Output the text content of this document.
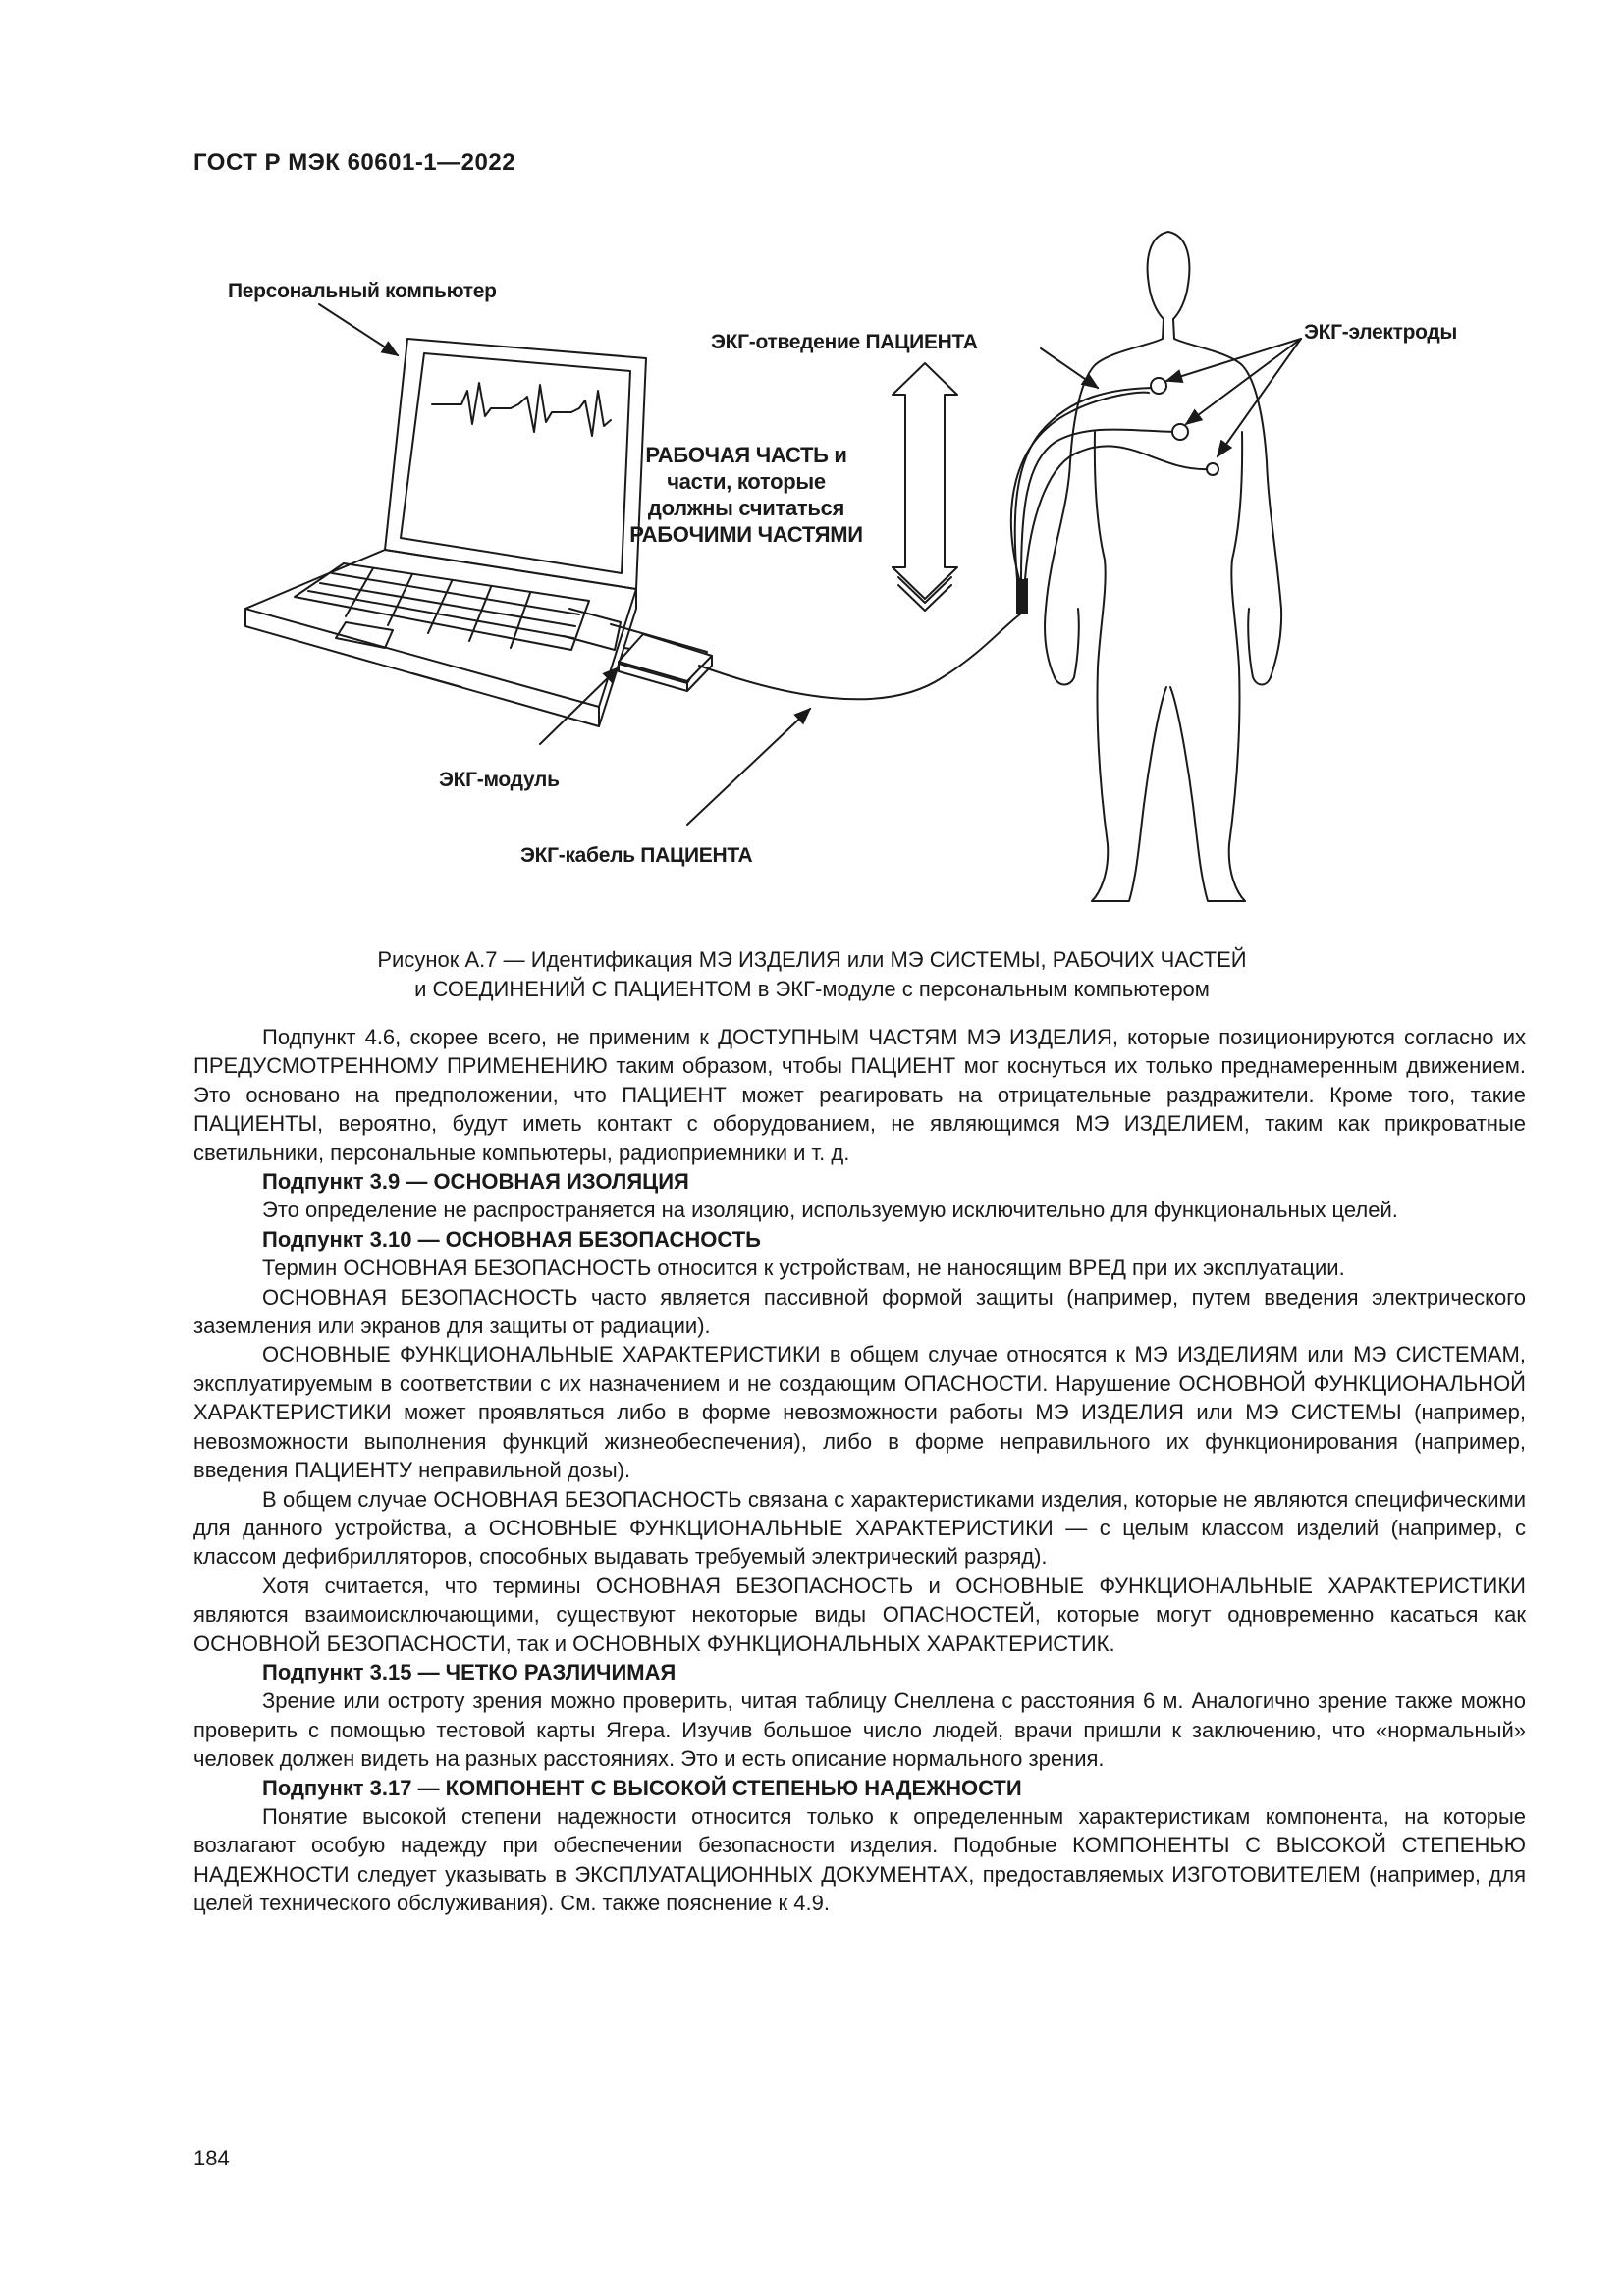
ГОСТ Р МЭК 60601-1—2022
Персональный компьютер
ЭКГ-отведение ПАЦИЕНТА	ЭКГ-электроды
РАБОЧАЯ ЧАСТЬ и
части, которые
должны считаться
РАБОЧИМИ ЧАСТЯМИ
ЭКГ-модуль
ЭКГ-кабель ПАЦИЕНТА
Рисунок А.7 — Идентификация МЭ ИЗДЕЛИЯ или МЭ СИСТЕМЫ, РАБОЧИХ ЧАСТЕЙ
и СОЕДИНЕНИЙ С ПАЦИЕНТОМ в ЭКГ-модуле с персональным компьютером

Подпункт 4.6, скорее всего, не применим к ДОСТУПНЫМ ЧАСТЯМ МЭ ИЗДЕЛИЯ, которые позиционируются согласно их ПРЕДУСМОТРЕННОМУ ПРИМЕНЕНИЮ таким образом, чтобы ПАЦИЕНТ мог коснуться их только преднамеренным движением. Это основано на предположении, что ПАЦИЕНТ может реагировать на отрицательные раздражители. Кроме того, такие ПАЦИЕНТЫ, вероятно, будут иметь контакт с оборудованием, не являющимся МЭ ИЗДЕЛИЕМ, таким как прикроватные светильники, персональные компьютеры, радиоприемники и т. д.

Подпункт 3.9 — ОСНОВНАЯ ИЗОЛЯЦИЯ

Это определение не распространяется на изоляцию, используемую исключительно для функциональных целей.

Подпункт 3.10 — ОСНОВНАЯ БЕЗОПАСНОСТЬ

Термин ОСНОВНАЯ БЕЗОПАСНОСТЬ относится к устройствам, не наносящим ВРЕД при их эксплуатации.

ОСНОВНАЯ БЕЗОПАСНОСТЬ часто является пассивной формой защиты (например, путем введения электрического заземления или экранов для защиты от радиации).

ОСНОВНЫЕ ФУНКЦИОНАЛЬНЫЕ ХАРАКТЕРИСТИКИ в общем случае относятся к МЭ ИЗДЕЛИЯМ или МЭ СИСТЕМАМ, эксплуатируемым в соответствии с их назначением и не создающим ОПАСНОСТИ. Нарушение ОСНОВНОЙ ФУНКЦИОНАЛЬНОЙ ХАРАКТЕРИСТИКИ может проявляться либо в форме невозможности работы МЭ ИЗДЕЛИЯ или МЭ СИСТЕМЫ (например, невозможности выполнения функций жизнеобеспечения), либо в форме неправильного их функционирования (например, введения ПАЦИЕНТУ неправильной дозы).

В общем случае ОСНОВНАЯ БЕЗОПАСНОСТЬ связана с характеристиками изделия, которые не являются специфическими для данного устройства, а ОСНОВНЫЕ ФУНКЦИОНАЛЬНЫЕ ХАРАКТЕРИСТИКИ — с целым классом изделий (например, с классом дефибрилляторов, способных выдавать требуемый электрический разряд).

Хотя считается, что термины ОСНОВНАЯ БЕЗОПАСНОСТЬ и ОСНОВНЫЕ ФУНКЦИОНАЛЬНЫЕ ХАРАКТЕРИСТИКИ являются взаимоисключающими, существуют некоторые виды ОПАСНОСТЕЙ, которые могут одновременно касаться как ОСНОВНОЙ БЕЗОПАСНОСТИ, так и ОСНОВНЫХ ФУНКЦИОНАЛЬНЫХ ХАРАКТЕРИСТИК.

Подпункт 3.15 — ЧЕТКО РАЗЛИЧИМАЯ

Зрение или остроту зрения можно проверить, читая таблицу Снеллена с расстояния 6 м. Аналогично зрение также можно проверить с помощью тестовой карты Ягера. Изучив большое число людей, врачи пришли к заключению, что «нормальный» человек должен видеть на разных расстояниях. Это и есть описание нормального зрения.

Подпункт 3.17 — КОМПОНЕНТ С ВЫСОКОЙ СТЕПЕНЬЮ НАДЕЖНОСТИ

Понятие высокой степени надежности относится только к определенным характеристикам компонента, на которые возлагают особую надежду при обеспечении безопасности изделия. Подобные КОМПОНЕНТЫ С ВЫСОКОЙ СТЕПЕНЬЮ НАДЕЖНОСТИ следует указывать в ЭКСПЛУАТАЦИОННЫХ ДОКУМЕНТАХ, предоставляемых ИЗГОТОВИТЕЛЕМ (например, для целей технического обслуживания). См. также пояснение к 4.9.

184
